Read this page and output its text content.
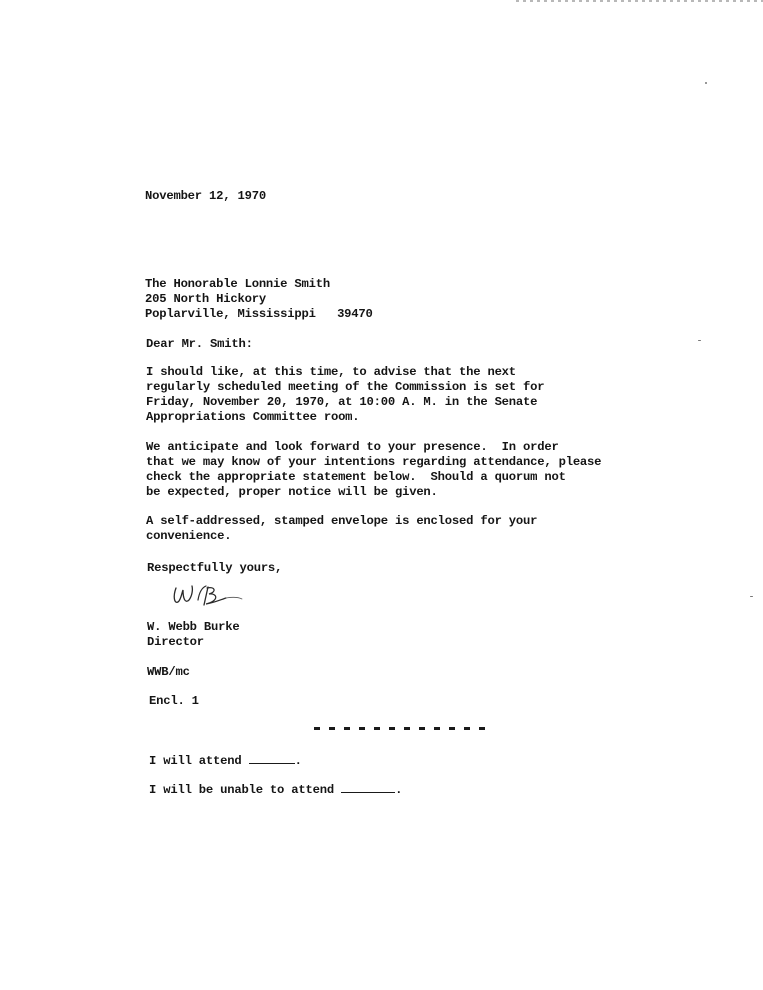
November 12, 1970
The Honorable Lonnie Smith
205 North Hickory
Poplarville, Mississippi   39470
Dear Mr. Smith:
I should like, at this time, to advise that the next
regularly scheduled meeting of the Commission is set for
Friday, November 20, 1970, at 10:00 A. M. in the Senate
Appropriations Committee room.
We anticipate and look forward to your presence.  In order
that we may know of your intentions regarding attendance, please
check the appropriate statement below.  Should a quorum not
be expected, proper notice will be given.
A self-addressed, stamped envelope is enclosed for your
convenience.
Respectfully yours,
W. Webb Burke
Director
WWB/mc
Encl. 1
I will attend	.
I will be unable to attend	.
